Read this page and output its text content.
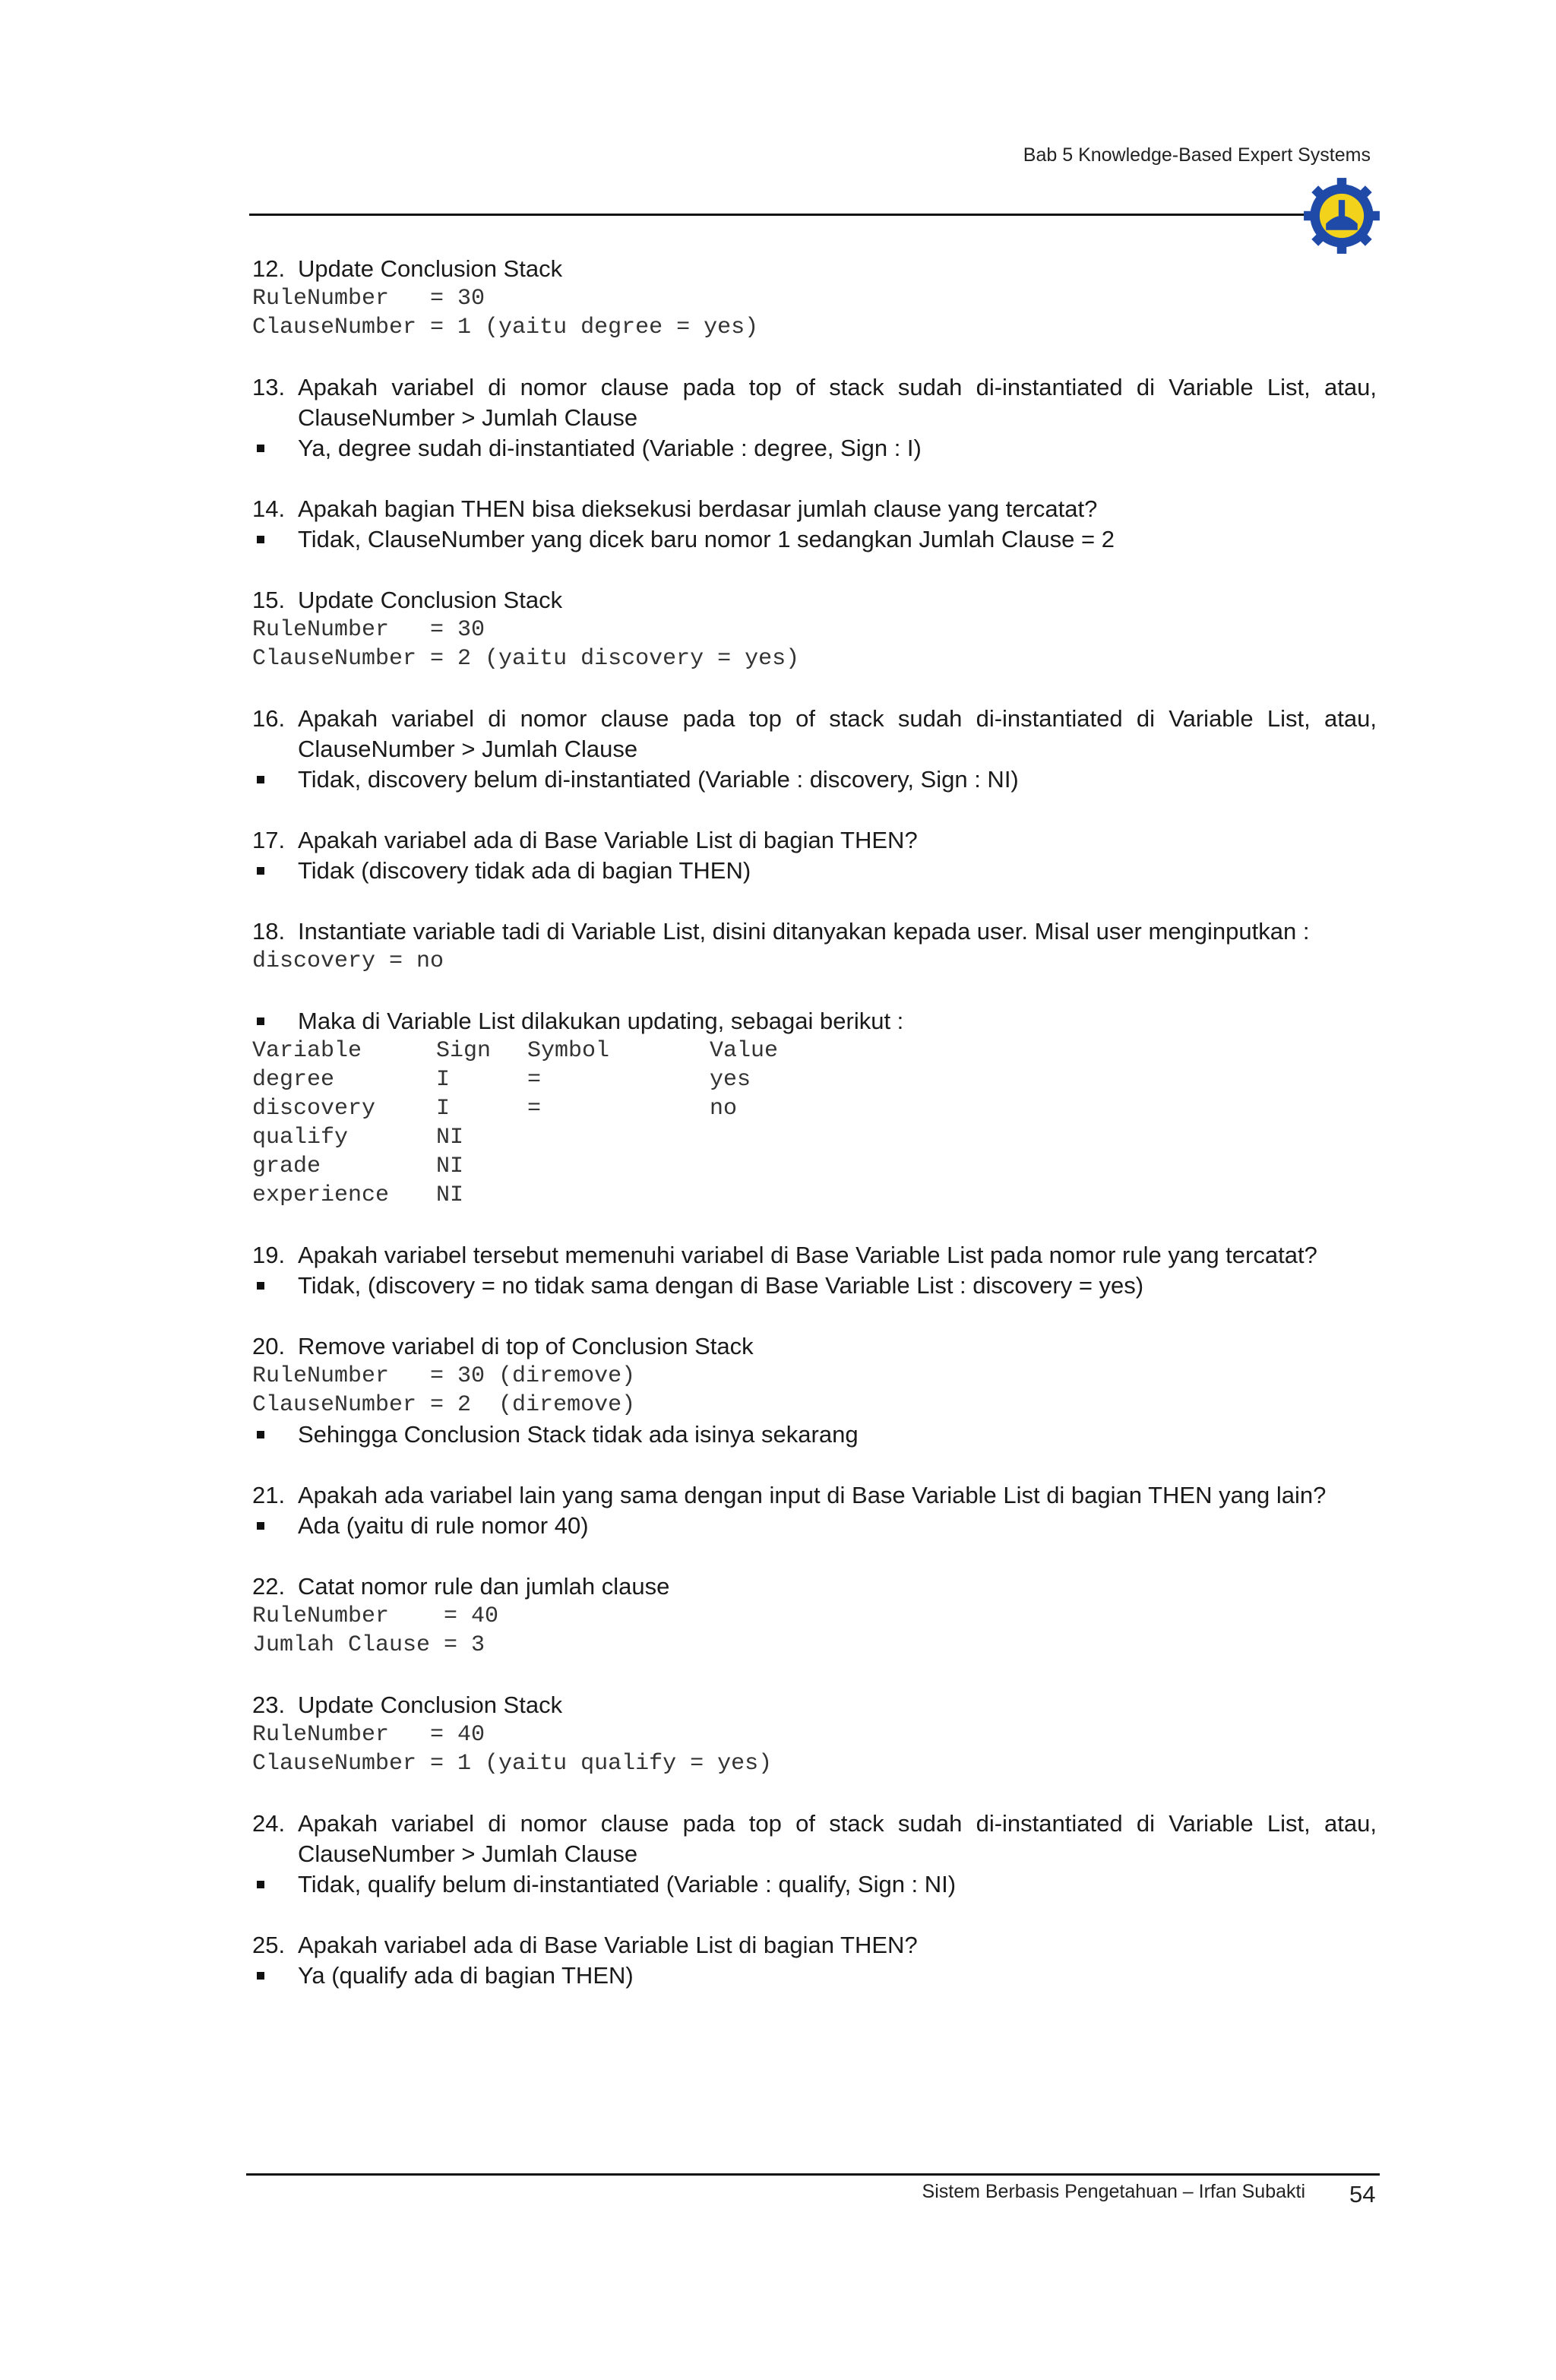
Bab 5 Knowledge-Based Expert Systems
12. Update Conclusion Stack
RuleNumber   = 30
ClauseNumber = 1 (yaitu degree = yes)
13. Apakah variabel di nomor clause pada top of stack sudah di-instantiated di Variable List, atau, ClauseNumber > Jumlah Clause
Ya, degree sudah di-instantiated (Variable : degree, Sign : I)
14. Apakah bagian THEN bisa dieksekusi berdasar jumlah clause yang tercatat?
Tidak, ClauseNumber yang dicek baru nomor 1 sedangkan Jumlah Clause = 2
15. Update Conclusion Stack
RuleNumber   = 30
ClauseNumber = 2 (yaitu discovery = yes)
16. Apakah variabel di nomor clause pada top of stack sudah di-instantiated di Variable List, atau, ClauseNumber > Jumlah Clause
Tidak, discovery belum di-instantiated (Variable : discovery, Sign : NI)
17. Apakah variabel ada di Base Variable List di bagian THEN?
Tidak (discovery tidak ada di bagian THEN)
18. Instantiate variable tadi di Variable List, disini ditanyakan kepada user. Misal user menginputkan :
discovery = no
Maka di Variable List dilakukan updating, sebagai berikut :
Variable	Sign	Symbol	Value
degree	I	=	yes
discovery	I	=	no
qualify	NI		
grade	NI		
experience	NI		
19. Apakah variabel tersebut memenuhi variabel di Base Variable List pada nomor rule yang tercatat?
Tidak, (discovery = no tidak sama dengan di Base Variable List : discovery = yes)
20. Remove variabel di top of Conclusion Stack
RuleNumber   = 30 (diremove)
ClauseNumber = 2  (diremove)
Sehingga Conclusion Stack tidak ada isinya sekarang
21. Apakah ada variabel lain yang sama dengan input di Base Variable List di bagian THEN yang lain?
Ada (yaitu di rule nomor 40)
22. Catat nomor rule dan jumlah clause
RuleNumber    = 40
Jumlah Clause = 3
23. Update Conclusion Stack
RuleNumber   = 40
ClauseNumber = 1 (yaitu qualify = yes)
24. Apakah variabel di nomor clause pada top of stack sudah di-instantiated di Variable List, atau, ClauseNumber > Jumlah Clause
Tidak, qualify belum di-instantiated (Variable : qualify, Sign : NI)
25. Apakah variabel ada di Base Variable List di bagian THEN?
Ya (qualify ada di bagian THEN)
Sistem Berbasis Pengetahuan – Irfan Subakti 54
